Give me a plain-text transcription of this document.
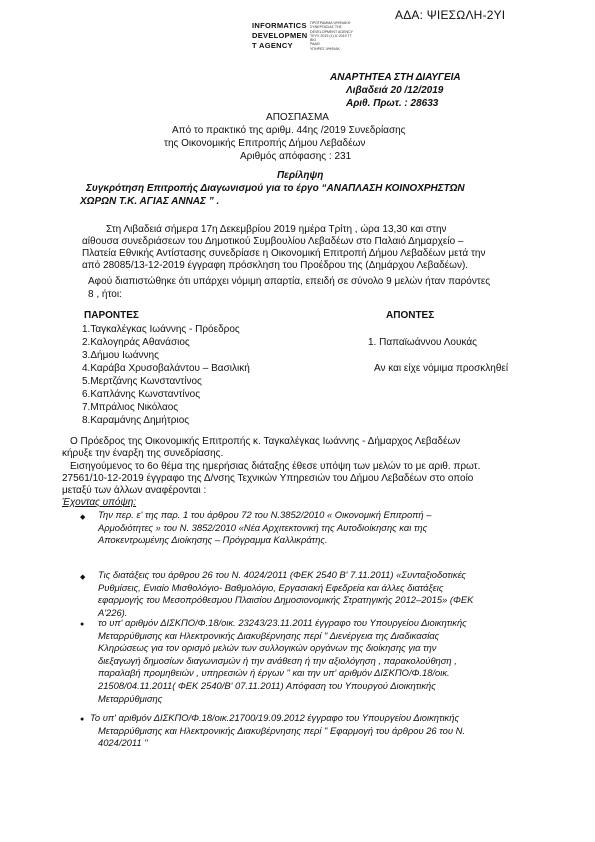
ΑΔΑ: ΨΙΕΣΩΛΗ-2ΥΙ
INFORMATICS
DEVELOPMEN
T AGENCY
ΠΡΟΓΡΑΜΜΑ ΨΗΦΙΑΚΗ
ΣΥΝΕΡΓΑΣΙΑΣ ΤΗΣ
DEVELOPMENT AGENCY
ΤΕΥΧ 2019 (1) Α' 2019 ΤΓ
ΒΙΟ
ΡΑΑΘ
ΥΠΗΡΕΣ ΨΗΦΙΑΚ
ΑΝΑΡΤΗΤΕΑ ΣΤΗ ΔΙΑΥΓΕΙΑ
Λιβαδειά 20 /12/2019
Αριθ. Πρωτ. : 28633
ΑΠΟΣΠΑΣΜΑ
Από το πρακτικό της αριθμ. 44ης /2019 Συνεδρίασης
της Οικονομικής Επιτροπής Δήμου Λεβαδέων
Αριθμός απόφασης : 231
Περίληψη
Συγκρότηση Επιτροπής Διαγωνισμού για το έργο “ΑΝΑΠΛΑΣΗ ΚΟΙΝΟΧΡΗΣΤΩΝ
ΧΩΡΩΝ Τ.Κ. ΑΓΙΑΣ ΑΝΝΑΣ ” .
Στη Λιβαδειά σήμερα 17η Δεκεμβρίου 2019 ημέρα Τρίτη , ώρα 13,30 και στην
αίθουσα συνεδριάσεων του Δημοτικού Συμβουλίου Λεβαδέων στο Παλαιό Δημαρχείο –
Πλατεία Εθνικής Αντίστασης συνεδρίασε η Οικονομική Επιτροπή Δήμου Λεβαδέων μετά την
από 28085/13-12-2019 έγγραφη πρόσκληση του Προέδρου της (Δημάρχου Λεβαδέων).
Αφού διαπιστώθηκε ότι υπάρχει νόμιμη απαρτία, επειδή σε σύνολο 9 μελών ήταν παρόντες
8 , ήτοι:
ΠΑΡΟΝΤΕΣ	ΑΠΟΝΤΕΣ
1.Ταγκαλέγκας Ιωάννης - Πρόεδρος
2.Καλογηράς Αθανάσιος
3.Δήμου Ιωάννης
4.Καράβα Χρυσοβαλάντου – Βασιλική
5.Μερτζάνης Κωνσταντίνος
6.Καπλάνης Κωνσταντίνος
7.Μπράλιος Νικόλαος
8.Καραμάνης Δημήτριος
1. Παπαϊωάννου Λουκάς
Αν και είχε νόμιμα προσκληθεί
Ο Πρόεδρος της Οικονομικής Επιτροπής κ. Ταγκαλέγκας Ιωάννης - Δήμαρχος Λεβαδέων
κήρυξε την έναρξη της συνεδρίασης.
Εισηγούμενος το 6ο θέμα της ημερήσιας διάταξης έθεσε υπόψη των μελών το με αριθ. πρωτ.
27561/10-12-2019 έγγραφο της Δ/νσης Τεχνικών Υπηρεσιών του Δήμου Λεβαδέων στο οποίο
μεταξύ των άλλων αναφέρονται :
Έχοντας υπόψη:
◆ Την περ. ε' της παρ. 1 του άρθρου 72 του Ν.3852/2010 « Οικονομική Επιτροπή –
Αρμοδιότητες » του Ν. 3852/2010 «Νέα Αρχιτεκτονική της Αυτοδιοίκησης και της
Αποκεντρωμένης Διοίκησης – Πρόγραμμα Καλλικράτης.
◆ Τις διατάξεις του άρθρου 26 του Ν. 4024/2011 (ΦΕΚ 2540 Β' 7.11.2011) «Συνταξιοδοτικές
Ρυθμίσεις, Ενιαίο Μισθολόγιο- Βαθμολόγιο, Εργασιακή Εφεδρεία και άλλες διατάξεις
εφαρμογής του Μεσοπρόθεσμου Πλαισίου Δημοσιονομικής Στρατηγικής 2012–2015» (ΦΕΚ
Α'226).
● το υπ' αριθμόν ΔΙΣΚΠΟ/Φ.18/οικ. 23243/23.11.2011 έγγραφο του Υπουργείου Διοικητικής
Μεταρρύθμισης και Ηλεκτρονικής Διακυβέρνησης περί " Διενέργεια της Διαδικασίας
Κληρώσεως για τον ορισμό μελών των συλλογικών οργάνων της διοίκησης για την
διεξαγωγή δημοσίων διαγωνισμών ή την ανάθεση ή την αξιολόγηση , παρακολούθηση ,
παραλαβή προμηθειών , υπηρεσιών ή έργων " και την υπ' αριθμόν ΔΙΣΚΠΟ/Φ.18/οικ.
21508/04.11.2011( ΦΕΚ 2540/Β' 07.11.2011) Απόφαση του Υπουργού Διοικητικής
Μεταρρύθμισης
● Το υπ' αριθμόν ΔΙΣΚΠΟ/Φ.18/οικ.21700/19.09.2012 έγγραφο του Υπουργείου Διοικητικής
Μεταρρύθμισης και Ηλεκτρονικής Διακυβέρνησης περί " Εφαρμογή του άρθρου 26 του Ν.
4024/2011 "
